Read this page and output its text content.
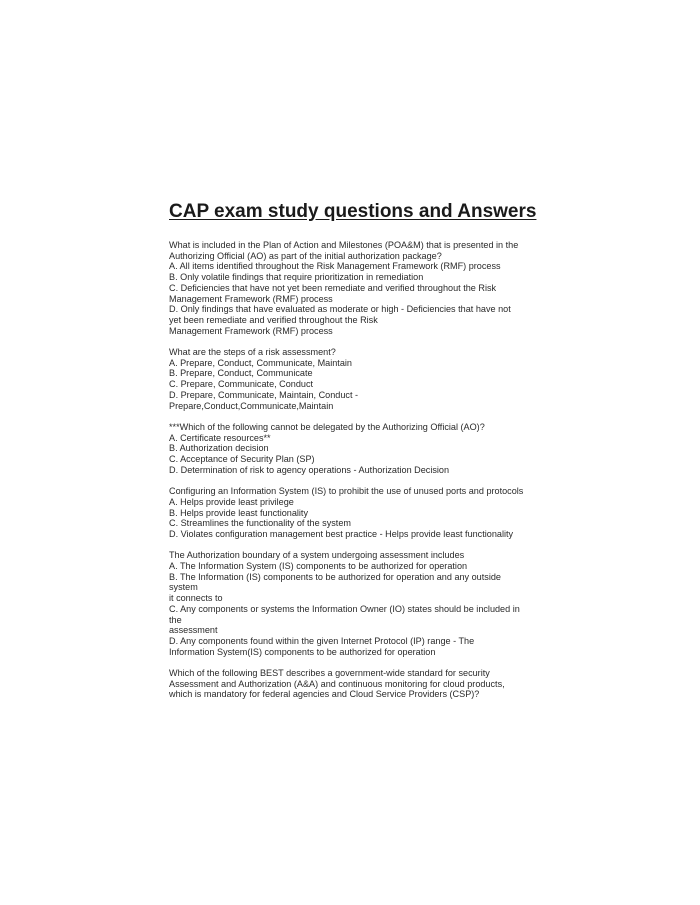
CAP exam study questions and Answers
What is included in the Plan of Action and Milestones (POA&M) that is presented in the
Authorizing Official (AO) as part of the initial authorization package?
A. All items identified throughout the Risk Management Framework (RMF) process
B. Only volatile findings that require prioritization in remediation
C. Deficiencies that have not yet been remediate and verified throughout the Risk
Management Framework (RMF) process
D. Only findings that have evaluated as moderate or high - Deficiencies that have not
yet been remediate and verified throughout the Risk
Management Framework (RMF) process
What are the steps of a risk assessment?
A. Prepare, Conduct, Communicate, Maintain
B. Prepare, Conduct, Communicate
C. Prepare, Communicate, Conduct
D. Prepare, Communicate, Maintain, Conduct -
Prepare,Conduct,Communicate,Maintain
***Which of the following cannot be delegated by the Authorizing Official (AO)?
A. Certificate resources**
B. Authorization decision
C. Acceptance of Security Plan (SP)
D. Determination of risk to agency operations - Authorization Decision
Configuring an Information System (IS) to prohibit the use of unused ports and protocols
A. Helps provide least privilege
B. Helps provide least functionality
C. Streamlines the functionality of the system
D. Violates configuration management best practice - Helps provide least functionality
The Authorization boundary of a system undergoing assessment includes
A. The Information System (IS) components to be authorized for operation
B. The Information (IS) components to be authorized for operation and any outside
system
it connects to
C. Any components or systems the Information Owner (IO) states should be included in
the
assessment
D. Any components found within the given Internet Protocol (IP) range - The
Information System(IS) components to be authorized for operation
Which of the following BEST describes a government-wide standard for security
Assessment and Authorization (A&A) and continuous monitoring for cloud products,
which is mandatory for federal agencies and Cloud Service Providers (CSP)?
